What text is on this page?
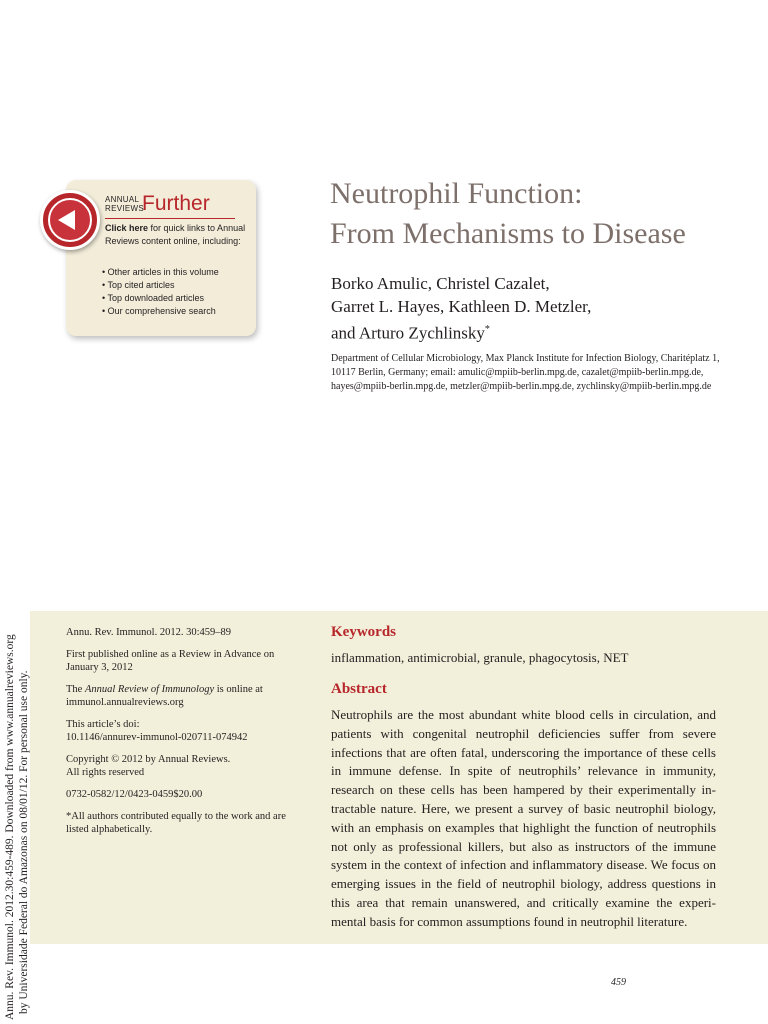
Annu. Rev. Immunol. 2012.30:459-489. Downloaded from www.annualreviews.org by Universidade Federal do Amazonas on 08/01/12. For personal use only.
ANNUAL
REVIEWS
Further
Click here for quick links to Annual Reviews content online, including:
• Other articles in this volume
• Top cited articles
• Top downloaded articles
• Our comprehensive search
Neutrophil Function:
From Mechanisms to Disease
Borko Amulic, Christel Cazalet,
Garret L. Hayes, Kathleen D. Metzler,
and Arturo Zychlinsky*
Department of Cellular Microbiology, Max Planck Institute for Infection Biology, Charitéplatz 1, 10117 Berlin, Germany; email: amulic@mpiib-berlin.mpg.de, cazalet@mpiib-berlin.mpg.de, hayes@mpiib-berlin.mpg.de, metzler@mpiib-berlin.mpg.de, zychlinsky@mpiib-berlin.mpg.de

Annu. Rev. Immunol. 2012. 30:459–89

First published online as a Review in Advance on January 3, 2012

The Annual Review of Immunology is online at immunol.annualreviews.org

This article’s doi:
10.1146/annurev-immunol-020711-074942

Copyright © 2012 by Annual Reviews.
All rights reserved

0732-0582/12/0423-0459$20.00

*All authors contributed equally to the work and are listed alphabetically.

Keywords

inflammation, antimicrobial, granule, phagocytosis, NET

Abstract

Neutrophils are the most abundant white blood cells in circulation, and patients with congenital neutrophil deficiencies suffer from severe infections that are often fatal, underscoring the importance of these cells in immune defense. In spite of neutrophils’ relevance in immunity, research on these cells has been hampered by their experimentally in-tractable nature. Here, we present a survey of basic neutrophil biology, with an emphasis on examples that highlight the function of neutrophils not only as professional killers, but also as instructors of the immune system in the context of infection and inflammatory disease. We focus on emerging issues in the field of neutrophil biology, address questions in this area that remain unanswered, and critically examine the experi-mental basis for common assumptions found in neutrophil literature.

459
